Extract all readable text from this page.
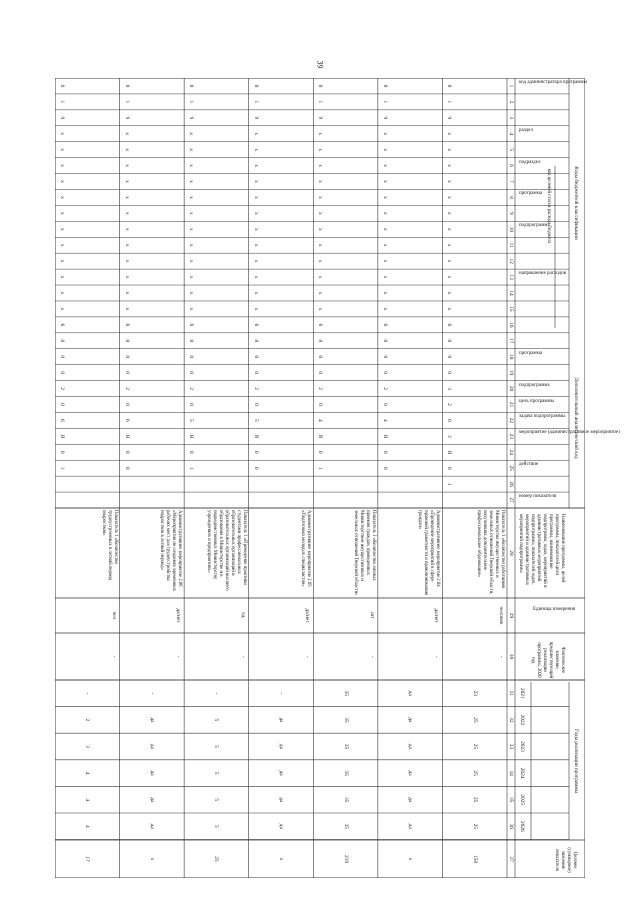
39
Коды бюджетной классификации
код целевой статьи расхода бюджета
Дополнительный аналитический код
Наименование программы, целей программы, показателей цели программы, наименование подпрограмм, задач, мероприятий и административных мероприятий подпрограммы, показателей задач, мероприятий и административных мероприятий подпрограммы
Единица измерения
Фактическое значение, предшествующий реализации программы, 2020 год
Годы реализации программы
Целевое (суммарное) значение показателя
код администратора программы
раздел
подраздел
программа
подпрограмма
направление расходов
программа
подпрограмма
цель программы
задача подпрограммы
мероприятие (административное мероприятие)
действие
номер показателя
2021
2022
2023
2024
2025
2026
1
2
3
4
5
6
7
8
9
10
11
12
13
14
15
16
17
18
19
20
21
22
23
24
25
26
27
28
29
30
31
32
33
34
35
36
37
0
1
9
х
х
х
х
х
х
х
х
х
х
х
х
6
8
0
0
3
2
0
3
Я
0
1
Показатель 1 «Количество работников Министерства имущественных и земельных отношений Тверской области, получивших дополнительное профессиональное образование»
человек
-
23
25
25
25
25
25
150
0
1
9
х
х
х
х
х
х
х
х
х
х
х
х
6
8
0
0
2
0
4
Я
0
0
Административное мероприятие 2.04 «Проведение мероприятий в сфере правовой грамотности и правопонимания граждан»
да/нет
-
да
да
да
да
да
да
х
0
1
9
х
х
х
х
х
х
х
х
х
х
х
х
6
8
0
0
2
0
4
Я
0
1
Показатель 1 «Количество личных приемов граждан, проведенных Министерством имущественных и земельных отношений Тверской области»
шт
-
35
35
35
35
35
35
210
0
1
9
х
х
х
х
х
х
х
х
х
х
х
х
6
8
0
0
2
0
5
Я
0
0
Административное мероприятие 2.05 «Подготовка молодых специалистов»
да/нет
-
-
да
да
да
да
да
х
0
1
9
х
х
х
х
х
х
х
х
х
х
х
х
6
8
0
0
2
0
5
Я
0
1
Показатель 1 «Проведение практики студентами профессиональных образовательных организаций и образовательных организаций высшего образования в Министерстве и в подведомственных Министерству учреждениях и предприятиях»
ед.
-
-
5
5
5
5
5
25
0
1
9
х
х
х
х
х
х
х
х
х
х
х
х
6
8
0
0
2
0
6
Я
0
0
Административное мероприятие 2.06 «Мероприятия по созданию временных рабочих мест для трудоустройства подростков в летний период»
да/нет
-
-
да
да
да
да
да
х
0
1
9
х
х
х
х
х
х
х
х
х
х
х
х
6
8
0
0
2
0
6
Я
0
1
Показатель 1 «Количество трудоустроенных в летний период подростков»
чел
-
-
2
3
4
4
4
17
